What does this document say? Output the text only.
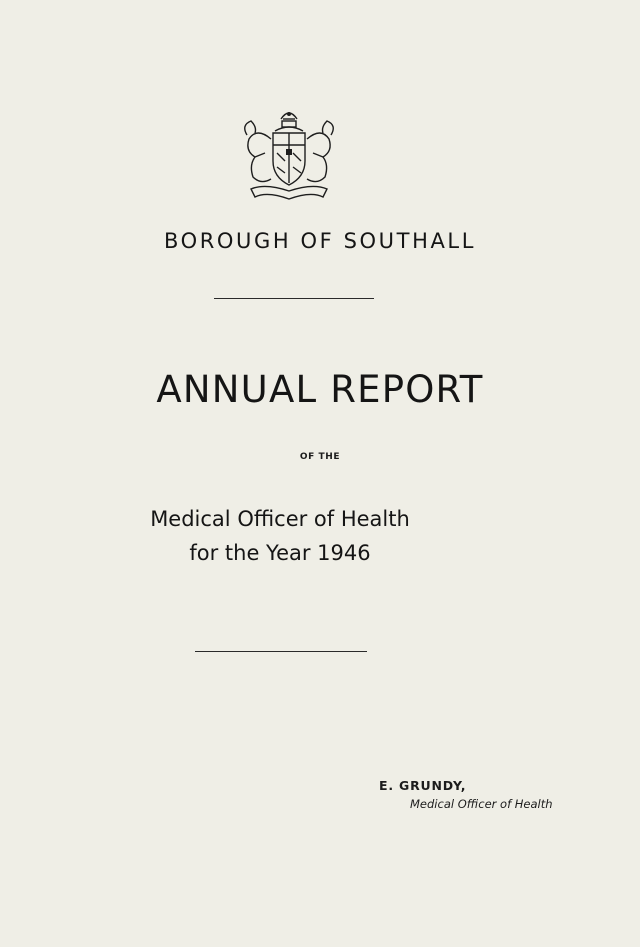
BOROUGH OF SOUTHALL
ANNUAL REPORT
OF THE
Medical Officer of Health
for the Year 1946
E. GRUNDY,
Medical Officer of Health
